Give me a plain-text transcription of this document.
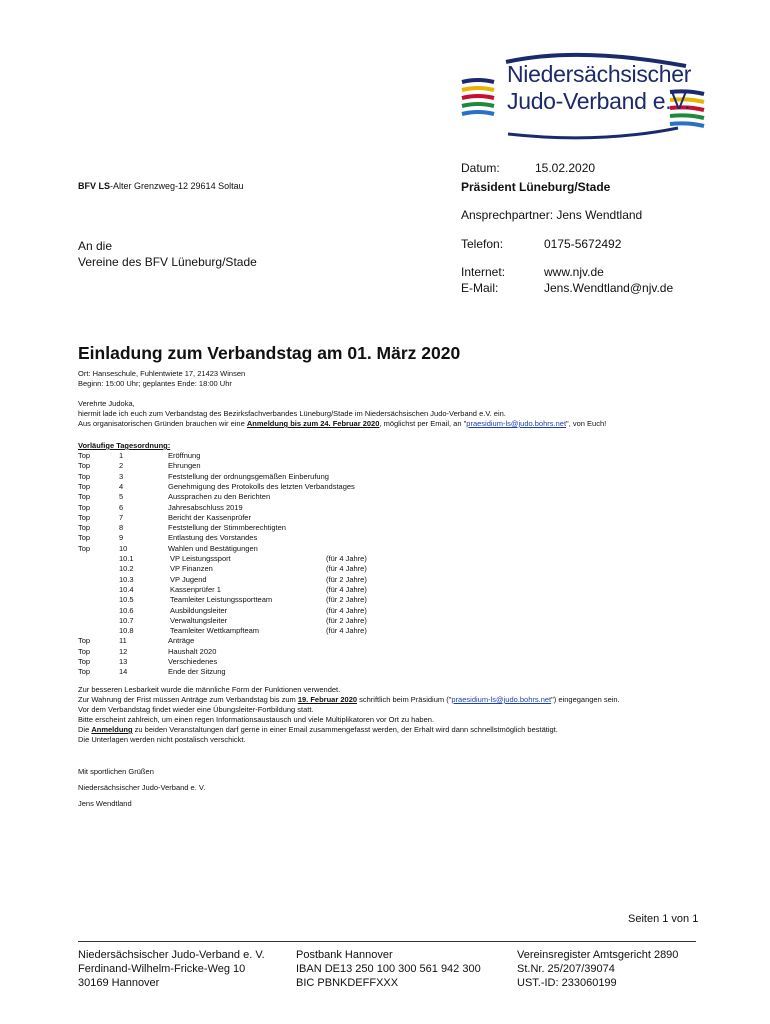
Niedersächsischer
Judo-Verband e.V.
BFV LS-Alter Grenzweg-12 29614 Soltau
Datum:	15.02.2020
Präsident Lüneburg/Stade
Ansprechpartner: Jens Wendtland
Telefon:	0175-5672492
Internet:	www.njv.de
E-Mail:	Jens.Wendtland@njv.de
An die
Vereine des BFV Lüneburg/Stade
Einladung zum Verbandstag am 01. März 2020
Ort: Hanseschule, Fuhlentwiete 17, 21423 Winsen
Beginn: 15:00 Uhr; geplantes Ende: 18:00 Uhr
Verehrte Judoka,
hiermit lade ich euch zum Verbandstag des Bezirksfachverbandes Lüneburg/Stade im Niedersächsischen Judo-Verband e.V. ein.
Aus organisatorischen Gründen brauchen wir eine Anmeldung bis zum 24. Februar 2020, möglichst per Email, an "praesidium-ls@judo.bohrs.net", von Euch!
Vorläufige Tagesordnung:
Top	1	Eröffnung
Top	2	Ehrungen
Top	3	Feststellung der ordnungsgemäßen Einberufung
Top	4	Genehmigung des Protokolls des letzten Verbandstages
Top	5	Aussprachen zu den Berichten
Top	6	Jahresabschluss 2019
Top	7	Bericht der Kassenprüfer
Top	8	Feststellung der Stimmberechtigten
Top	9	Entlastung des Vorstandes
Top	10	Wahlen und Bestätigungen
10.1	VP Leistungssport	(für 4 Jahre)
10.2	VP Finanzen	(für 4 Jahre)
10.3	VP Jugend	(für 2 Jahre)
10.4	Kassenprüfer 1	(für 4 Jahre)
10.5	Teamleiter Leistungssportteam	(für 2 Jahre)
10.6	Ausbildungsleiter	(für 4 Jahre)
10.7	Verwaltungsleiter	(für 2 Jahre)
10.8	Teamleiter Wettkampfteam	(für 4 Jahre)
Top	11	Anträge
Top	12	Haushalt 2020
Top	13	Verschiedenes
Top	14	Ende der Sitzung
Zur besseren Lesbarkeit wurde die männliche Form der Funktionen verwendet.
Zur Wahrung der Frist müssen Anträge zum Verbandstag bis zum 19. Februar 2020 schriftlich beim Präsidium ("praesidium-ls@judo.bohrs.net") eingegangen sein.
Vor dem Verbandstag findet wieder eine Übungsleiter-Fortbildung statt.
Bitte erscheint zahlreich, um einen regen Informationsaustausch und viele Multiplikatoren vor Ort zu haben.
Die Anmeldung zu beiden Veranstaltungen darf gerne in einer Email zusammengefasst werden, der Erhalt wird dann schnellstmöglich bestätigt.
Die Unterlagen werden nicht postalisch verschickt.
Mit sportlichen Grüßen
Niedersächsischer Judo-Verband e. V.
Jens Wendtland
Seiten 1 von 1
Niedersächsischer Judo-Verband e. V.
Ferdinand-Wilhelm-Fricke-Weg 10
30169 Hannover
Postbank Hannover
IBAN DE13 250 100 300 561 942 300
BIC PBNKDEFFXXX
Vereinsregister Amtsgericht 2890
St.Nr. 25/207/39074
UST.-ID: 233060199
